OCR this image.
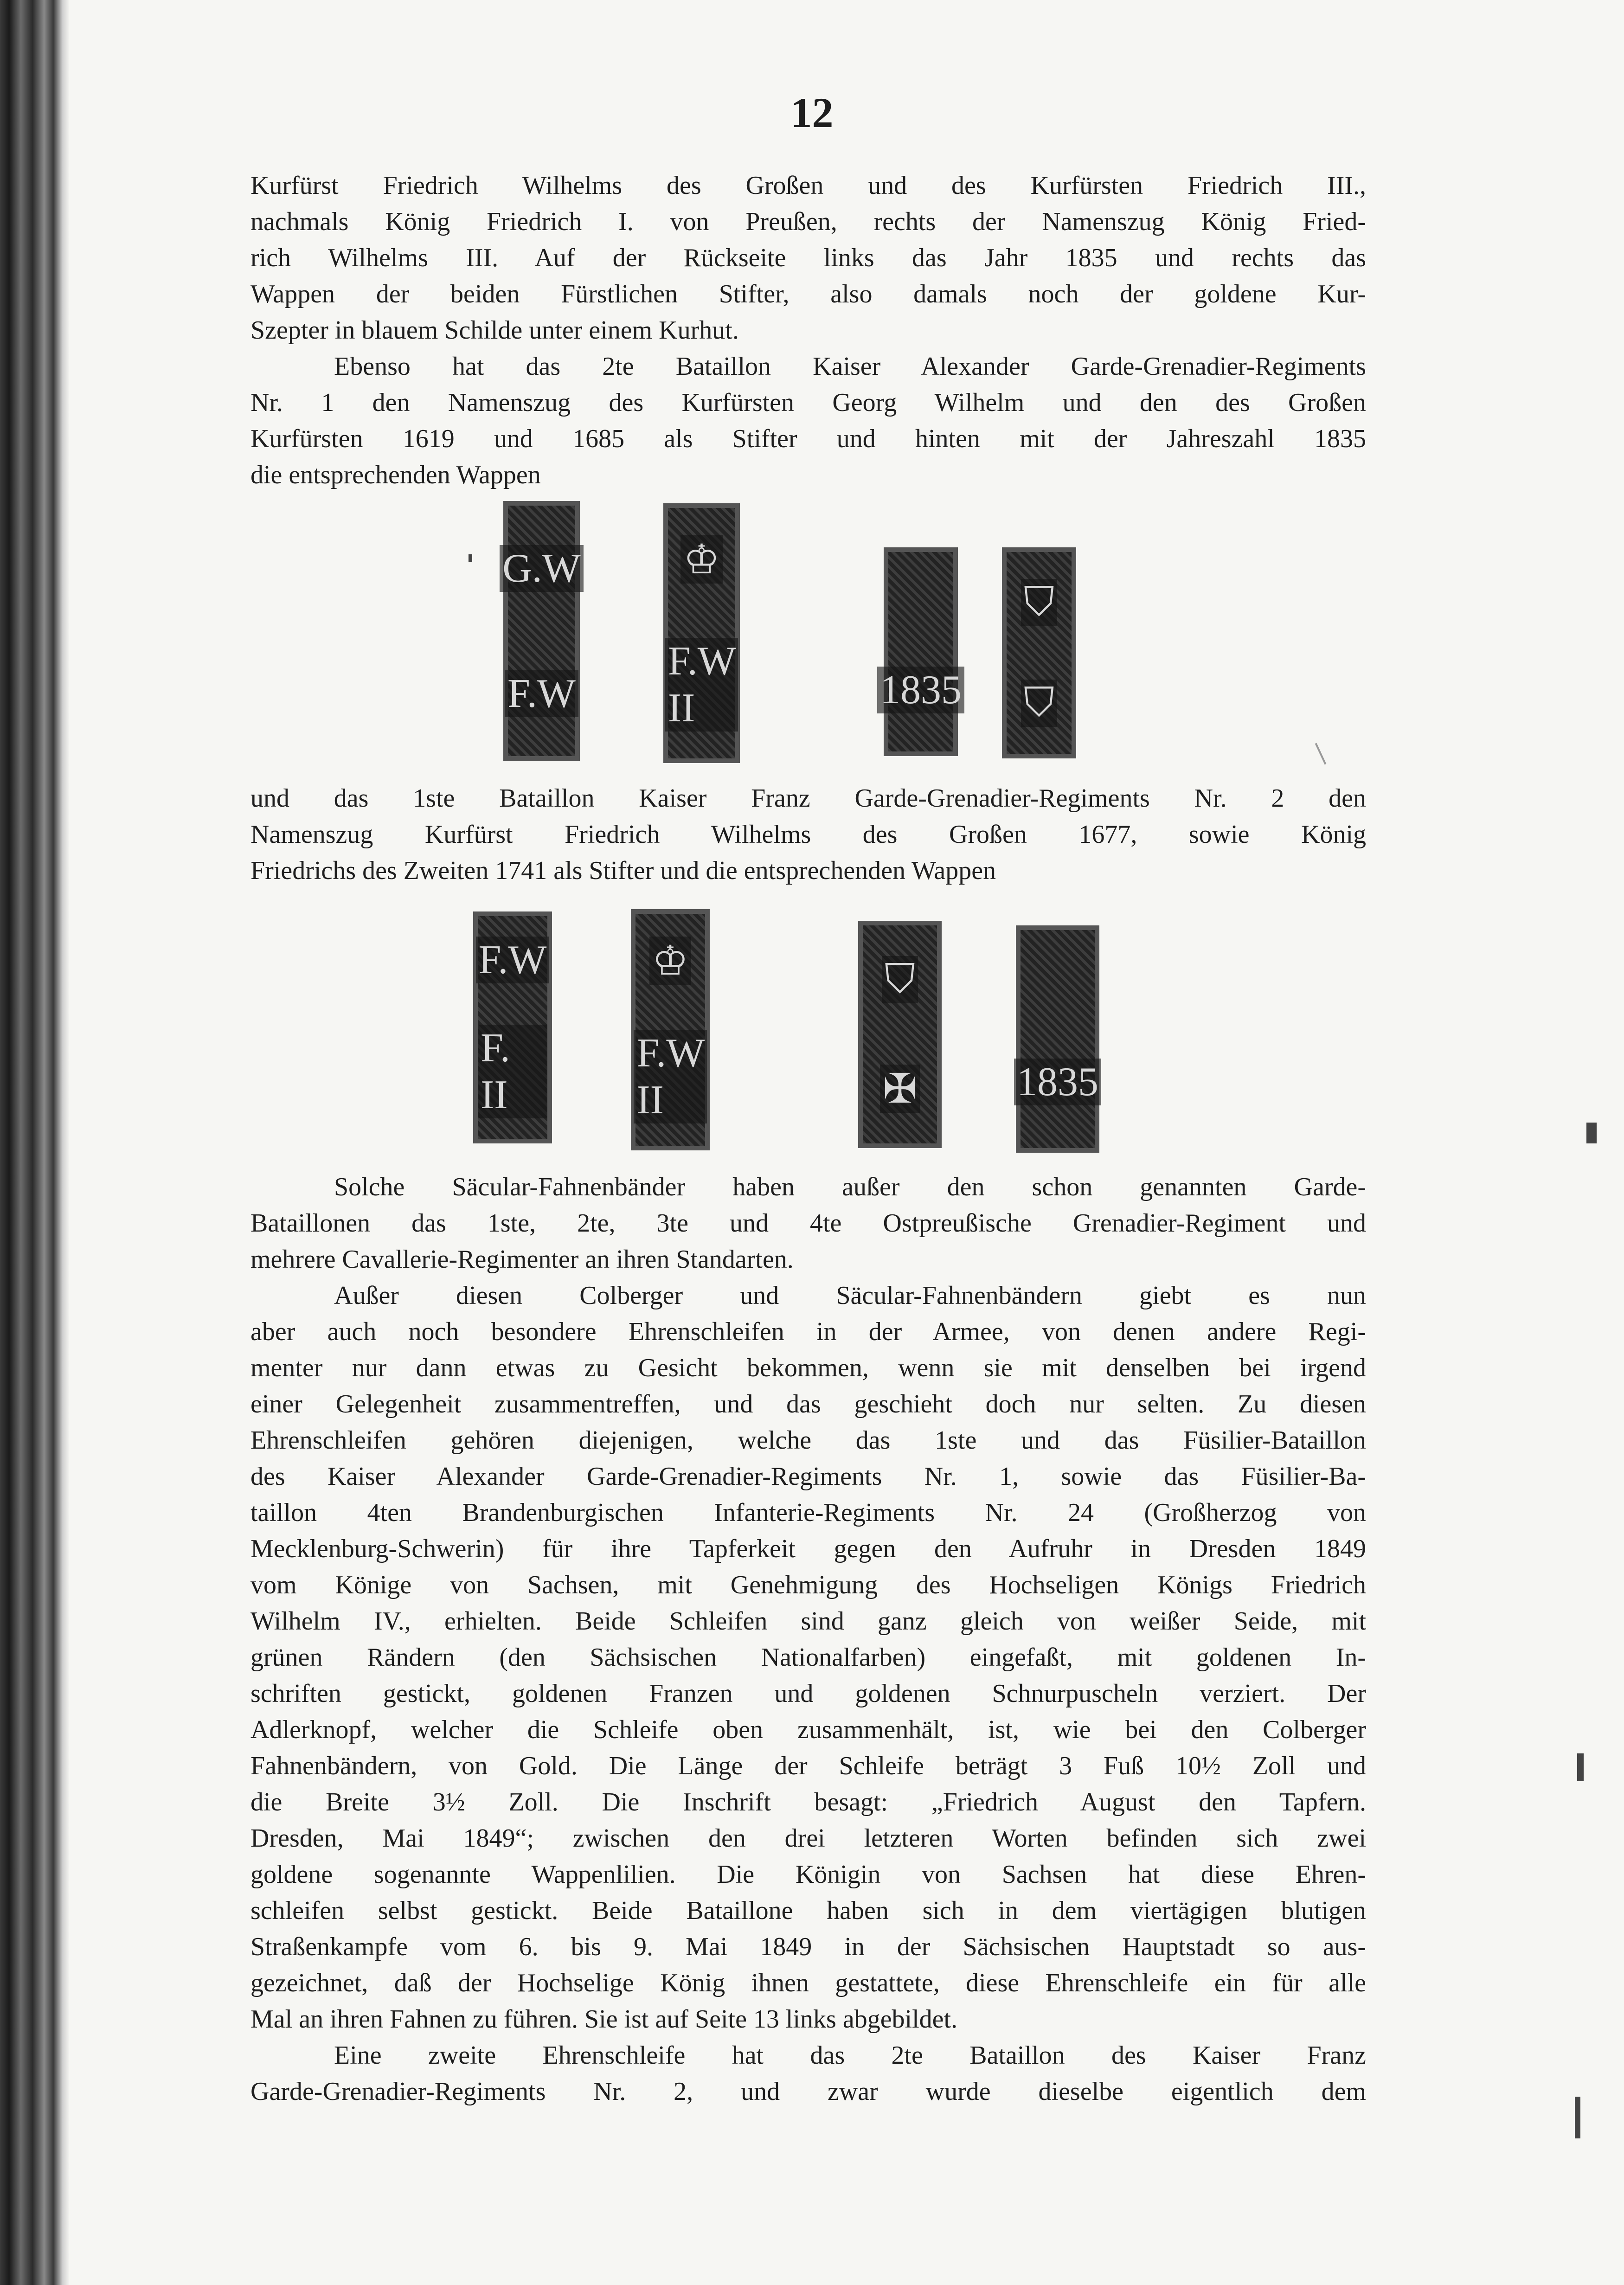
12
Kurfürst Friedrich Wilhelms des Großen und des Kurfürsten Friedrich III.,
nachmals König Friedrich I. von Preußen, rechts der Namenszug König Fried-
rich Wilhelms III. Auf der Rückseite links das Jahr 1835 und rechts das
Wappen der beiden Fürstlichen Stifter, also damals noch der goldene Kur-
Szepter in blauem Schilde unter einem Kurhut.
Ebenso hat das 2te Bataillon Kaiser Alexander Garde-Grenadier-Regiments
Nr. 1 den Namenszug des Kurfürsten Georg Wilhelm und den des Großen
Kurfürsten 1619 und 1685 als Stifter und hinten mit der Jahreszahl 1835
die entsprechenden Wappen
G.W
F.W
♔
F.W II	1835
⛉
⛉
und das 1ste Bataillon Kaiser Franz Garde-Grenadier-Regiments Nr. 2 den
Namenszug Kurfürst Friedrich Wilhelms des Großen 1677, sowie König
Friedrichs des Zweiten 1741 als Stifter und die entsprechenden Wappen
F.W
F. II
♔
F.W II
⛉
✠ 1835
Solche Säcular-Fahnenbänder haben außer den schon genannten Garde-
Bataillonen das 1ste, 2te, 3te und 4te Ostpreußische Grenadier-Regiment und
mehrere Cavallerie-Regimenter an ihren Standarten.
Außer diesen Colberger und Säcular-Fahnenbändern giebt es nun
aber auch noch besondere Ehrenschleifen in der Armee, von denen andere Regi-
menter nur dann etwas zu Gesicht bekommen, wenn sie mit denselben bei irgend
einer Gelegenheit zusammentreffen, und das geschieht doch nur selten. Zu diesen
Ehrenschleifen gehören diejenigen, welche das 1ste und das Füsilier-Bataillon
des Kaiser Alexander Garde-Grenadier-Regiments Nr. 1, sowie das Füsilier-Ba-
taillon 4ten Brandenburgischen Infanterie-Regiments Nr. 24 (Großherzog von
Mecklenburg-Schwerin) für ihre Tapferkeit gegen den Aufruhr in Dresden 1849
vom Könige von Sachsen, mit Genehmigung des Hochseligen Königs Friedrich
Wilhelm IV., erhielten. Beide Schleifen sind ganz gleich von weißer Seide, mit
grünen Rändern (den Sächsischen Nationalfarben) eingefaßt, mit goldenen In-
schriften gestickt, goldenen Franzen und goldenen Schnurpuscheln verziert. Der
Adlerknopf, welcher die Schleife oben zusammenhält, ist, wie bei den Colberger
Fahnenbändern, von Gold. Die Länge der Schleife beträgt 3 Fuß 10½ Zoll und
die Breite 3½ Zoll. Die Inschrift besagt: „Friedrich August den Tapfern.
Dresden, Mai 1849“; zwischen den drei letzteren Worten befinden sich zwei
goldene sogenannte Wappenlilien. Die Königin von Sachsen hat diese Ehren-
schleifen selbst gestickt. Beide Bataillone haben sich in dem viertägigen blutigen
Straßenkampfe vom 6. bis 9. Mai 1849 in der Sächsischen Hauptstadt so aus-
gezeichnet, daß der Hochselige König ihnen gestattete, diese Ehrenschleife ein für alle
Mal an ihren Fahnen zu führen. Sie ist auf Seite 13 links abgebildet.
Eine zweite Ehrenschleife hat das 2te Bataillon des Kaiser Franz
Garde-Grenadier-Regiments Nr. 2, und zwar wurde dieselbe eigentlich dem
